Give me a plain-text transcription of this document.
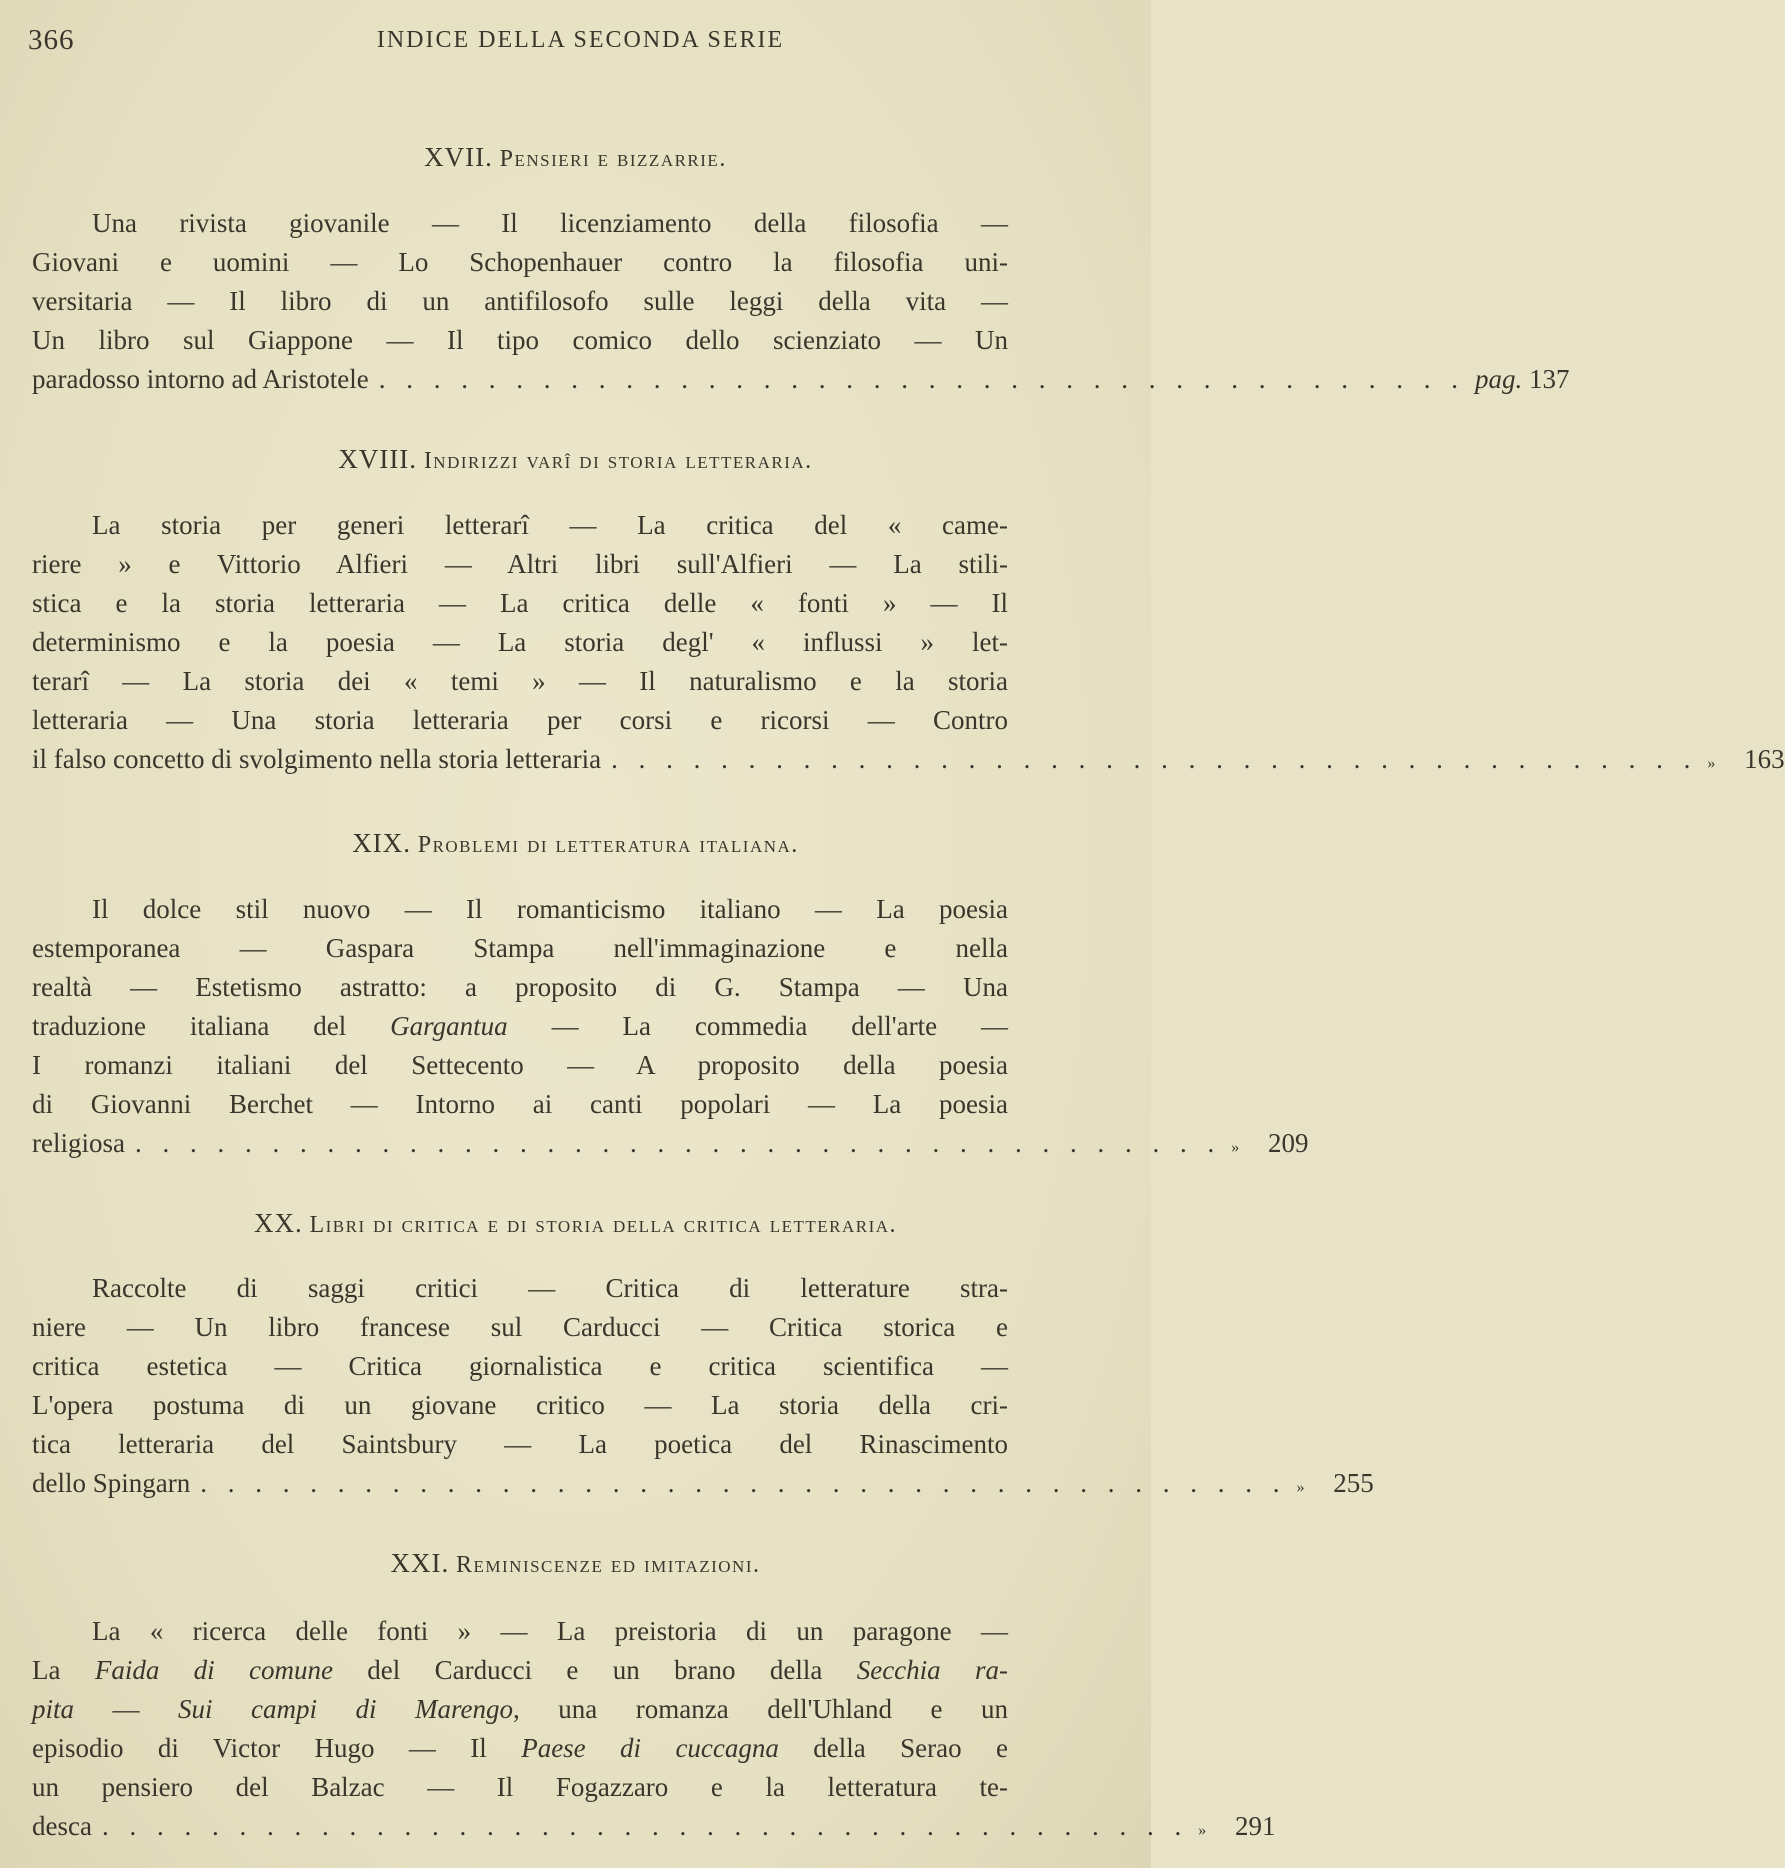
366	INDICE DELLA SECONDA SERIE
XVII. Pensieri e bizzarrie.
Una rivista giovanile — Il licenziamento della filosofia —
Giovani e uomini — Lo Schopenhauer contro la filosofia uni-
versitaria — Il libro di un antifilosofo sulle leggi della vita —
Un libro sul Giappone — Il tipo comico dello scienziato — Un
paradosso intorno ad Aristotele . . . . . . . . . . . . . . . . . . . . . . . . . . . . . . . . . . . . . . . . pag. 137
XVIII. Indirizzi varî di storia letteraria.
La storia per generi letterarî — La critica del « came-
riere » e Vittorio Alfieri — Altri libri sull'Alfieri — La stili-
stica e la storia letteraria — La critica delle « fonti » — Il
determinismo e la poesia — La storia degl' « influssi » let-
terarî — La storia dei « temi » — Il naturalismo e la storia
letteraria — Una storia letteraria per corsi e ricorsi — Contro
il falso concetto di svolgimento nella storia letteraria . . . . . . . . . . . . . . . . . . . . . . . . . . . . . . . . . . . . . . . . » 163
XIX. Problemi di letteratura italiana.
Il dolce stil nuovo — Il romanticismo italiano — La poesia
estemporanea — Gaspara Stampa nell'immaginazione e nella
realtà — Estetismo astratto: a proposito di G. Stampa — Una
traduzione italiana del Gargantua — La commedia dell'arte —
I romanzi italiani del Settecento — A proposito della poesia
di Giovanni Berchet — Intorno ai canti popolari — La poesia
religiosa . . . . . . . . . . . . . . . . . . . . . . . . . . . . . . . . . . . . . . . . » 209
XX. Libri di critica e di storia della critica letteraria.
Raccolte di saggi critici — Critica di letterature stra-
niere — Un libro francese sul Carducci — Critica storica e
critica estetica — Critica giornalistica e critica scientifica —
L'opera postuma di un giovane critico — La storia della cri-
tica letteraria del Saintsbury — La poetica del Rinascimento
dello Spingarn . . . . . . . . . . . . . . . . . . . . . . . . . . . . . . . . . . . . . . . . » 255
XXI. Reminiscenze ed imitazioni.
La « ricerca delle fonti » — La preistoria di un paragone —
La Faida di comune del Carducci e un brano della Secchia ra-
pita — Sui campi di Marengo, una romanza dell'Uhland e un
episodio di Victor Hugo — Il Paese di cuccagna della Serao e
un pensiero del Balzac — Il Fogazzaro e la letteratura te-
desca . . . . . . . . . . . . . . . . . . . . . . . . . . . . . . . . . . . . . . . . » 291
